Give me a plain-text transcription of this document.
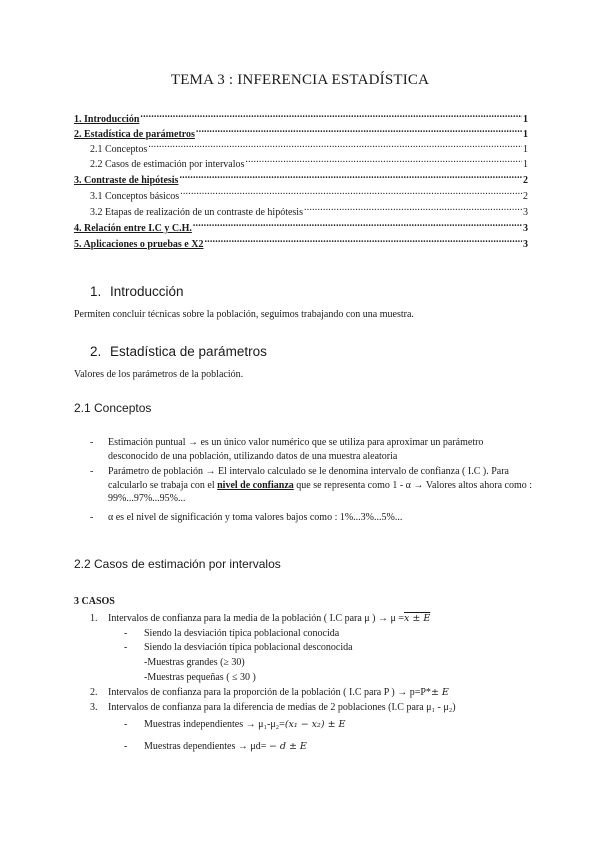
TEMA 3 : INFERENCIA ESTADÍSTICA
1. Introducción .....	1
2. Estadística de parámetros .....	1
2.1 Conceptos .....	1
2.2 Casos de estimación por intervalos .....	1
3. Contraste de hipótesis .....	2
3.1 Conceptos básicos .....	2
3.2 Etapas de realización de un contraste de hipótesis .....	3
4. Relación entre I.C y C.H. .....	3
5. Aplicaciones o pruebas e X2 .....	3
1. Introducción
Permiten concluir técnicas sobre la población, seguimos trabajando con una muestra.
2. Estadística de parámetros
Valores de los parámetros de la población.
2.1 Conceptos
- Estimación puntual → es un único valor numérico que se utiliza para aproximar un parámetro desconocido de una población, utilizando datos de una muestra aleatoria
- Parámetro de población → El intervalo calculado se le denomina intervalo de confianza ( I.C ). Para calcularlo se trabaja con el nivel de confianza que se representa como 1 - α → Valores altos ahora como : 99%...97%...95%...
- α es el nivel de significación y toma valores bajos como : 1%...3%...5%...
2.2 Casos de estimación por intervalos
3 CASOS
1. Intervalos de confianza para la media de la población ( I.C para μ ) → μ =x ± E
- Siendo la desviación típica poblacional conocida
- Siendo la desviación típica poblacional desconocida
-Muestras grandes (≥ 30)
-Muestras pequeñas ( ≤ 30 )
2. Intervalos de confianza para la proporción de la población ( I.C para P ) → p=P*± E
3. Intervalos de confianza para la diferencia de medias de 2 poblaciones (I.C para μ₁ - μ₂)
- Muestras independientes → μ₁-μ₂=(x₁ − x₂) ± E
- Muestras dependientes → μd= − d ± E
